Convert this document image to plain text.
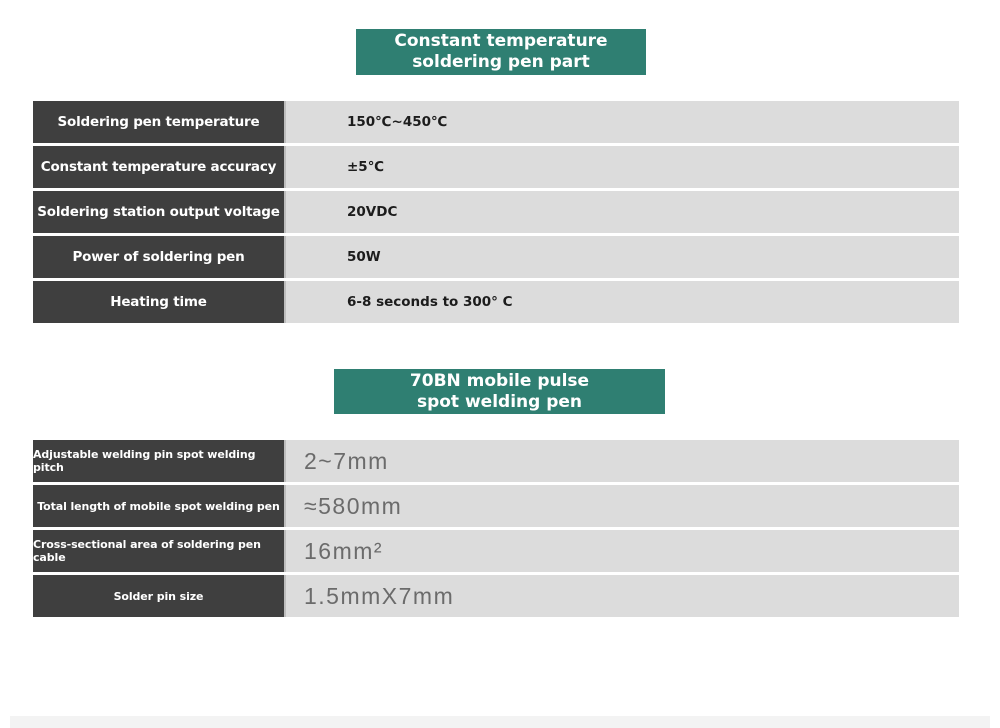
Constant temperature
soldering pen part
Soldering pen temperature	150℃~450℃
Constant temperature accuracy	±5℃
Soldering station output voltage	20VDC
Power of soldering pen	50W
Heating time	6-8 seconds to 300° C
70BN mobile pulse
spot welding pen
Adjustable welding pin spot welding pitch	2~7mm
Total length of mobile spot welding pen	≈580mm
Cross-sectional area of soldering pen cable	16mm²
Solder pin size	1.5mmX7mm
